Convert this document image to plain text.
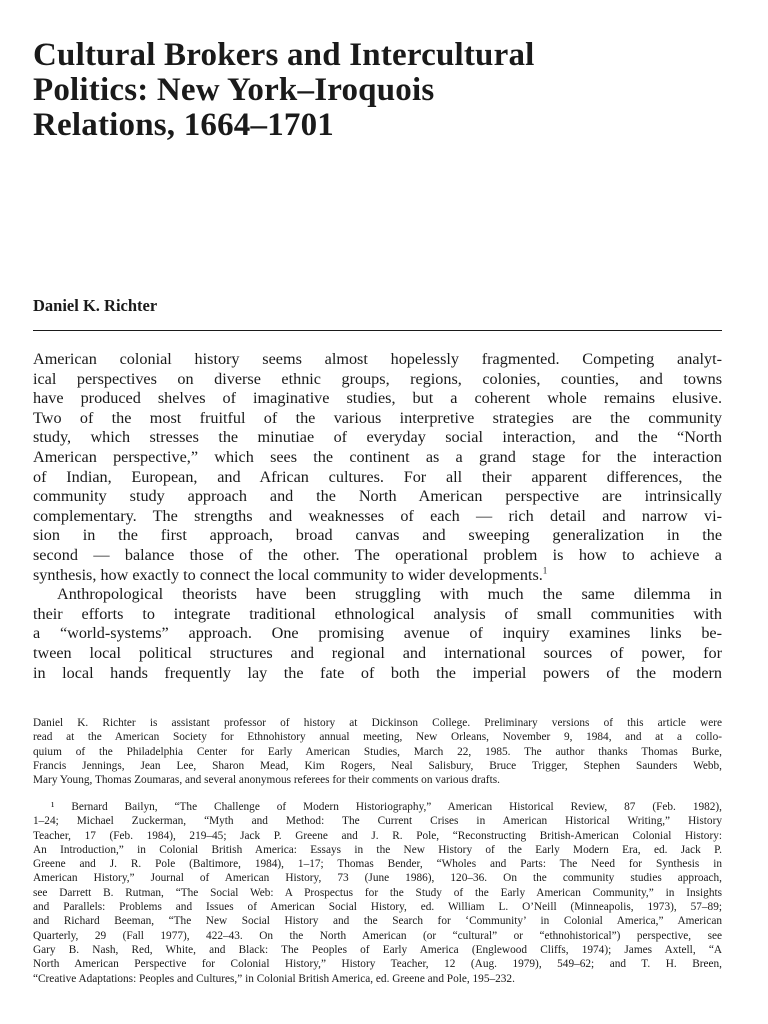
Cultural Brokers and Intercultural
Politics: New York–Iroquois
Relations, 1664–1701
Daniel K. Richter
American colonial history seems almost hopelessly fragmented. Competing analyt-
ical perspectives on diverse ethnic groups, regions, colonies, counties, and towns
have produced shelves of imaginative studies, but a coherent whole remains elusive.
Two of the most fruitful of the various interpretive strategies are the community
study, which stresses the minutiae of everyday social interaction, and the “North
American perspective,” which sees the continent as a grand stage for the interaction
of Indian, European, and African cultures. For all their apparent differences, the
community study approach and the North American perspective are intrinsically
complementary. The strengths and weaknesses of each — rich detail and narrow vi-
sion in the first approach, broad canvas and sweeping generalization in the
second — balance those of the other. The operational problem is how to achieve a
synthesis, how exactly to connect the local community to wider developments.$^1$
Anthropological theorists have been struggling with much the same dilemma in
their efforts to integrate traditional ethnological analysis of small communities with
a “world-systems” approach. One promising avenue of inquiry examines links be-
tween local political structures and regional and international sources of power, for
in local hands frequently lay the fate of both the imperial powers of the modern
Daniel K. Richter is assistant professor of history at Dickinson College. Preliminary versions of this article were
read at the American Society for Ethnohistory annual meeting, New Orleans, November 9, 1984, and at a collo-
quium of the Philadelphia Center for Early American Studies, March 22, 1985. The author thanks Thomas Burke,
Francis Jennings, Jean Lee, Sharon Mead, Kim Rogers, Neal Salisbury, Bruce Trigger, Stephen Saunders Webb,
Mary Young, Thomas Zoumaras, and several anonymous referees for their comments on various drafts.
¹ Bernard Bailyn, “The Challenge of Modern Historiography,” American Historical Review, 87 (Feb. 1982),
1–24; Michael Zuckerman, “Myth and Method: The Current Crises in American Historical Writing,” History
Teacher, 17 (Feb. 1984), 219–45; Jack P. Greene and J. R. Pole, “Reconstructing British-American Colonial History:
An Introduction,” in Colonial British America: Essays in the New History of the Early Modern Era, ed. Jack P.
Greene and J. R. Pole (Baltimore, 1984), 1–17; Thomas Bender, “Wholes and Parts: The Need for Synthesis in
American History,” Journal of American History, 73 (June 1986), 120–36. On the community studies approach,
see Darrett B. Rutman, “The Social Web: A Prospectus for the Study of the Early American Community,” in Insights
and Parallels: Problems and Issues of American Social History, ed. William L. O’Neill (Minneapolis, 1973), 57–89;
and Richard Beeman, “The New Social History and the Search for ‘Community’ in Colonial America,” American
Quarterly, 29 (Fall 1977), 422–43. On the North American (or “cultural” or “ethnohistorical”) perspective, see
Gary B. Nash, Red, White, and Black: The Peoples of Early America (Englewood Cliffs, 1974); James Axtell, “A
North American Perspective for Colonial History,” History Teacher, 12 (Aug. 1979), 549–62; and T. H. Breen,
“Creative Adaptations: Peoples and Cultures,” in Colonial British America, ed. Greene and Pole, 195–232.
